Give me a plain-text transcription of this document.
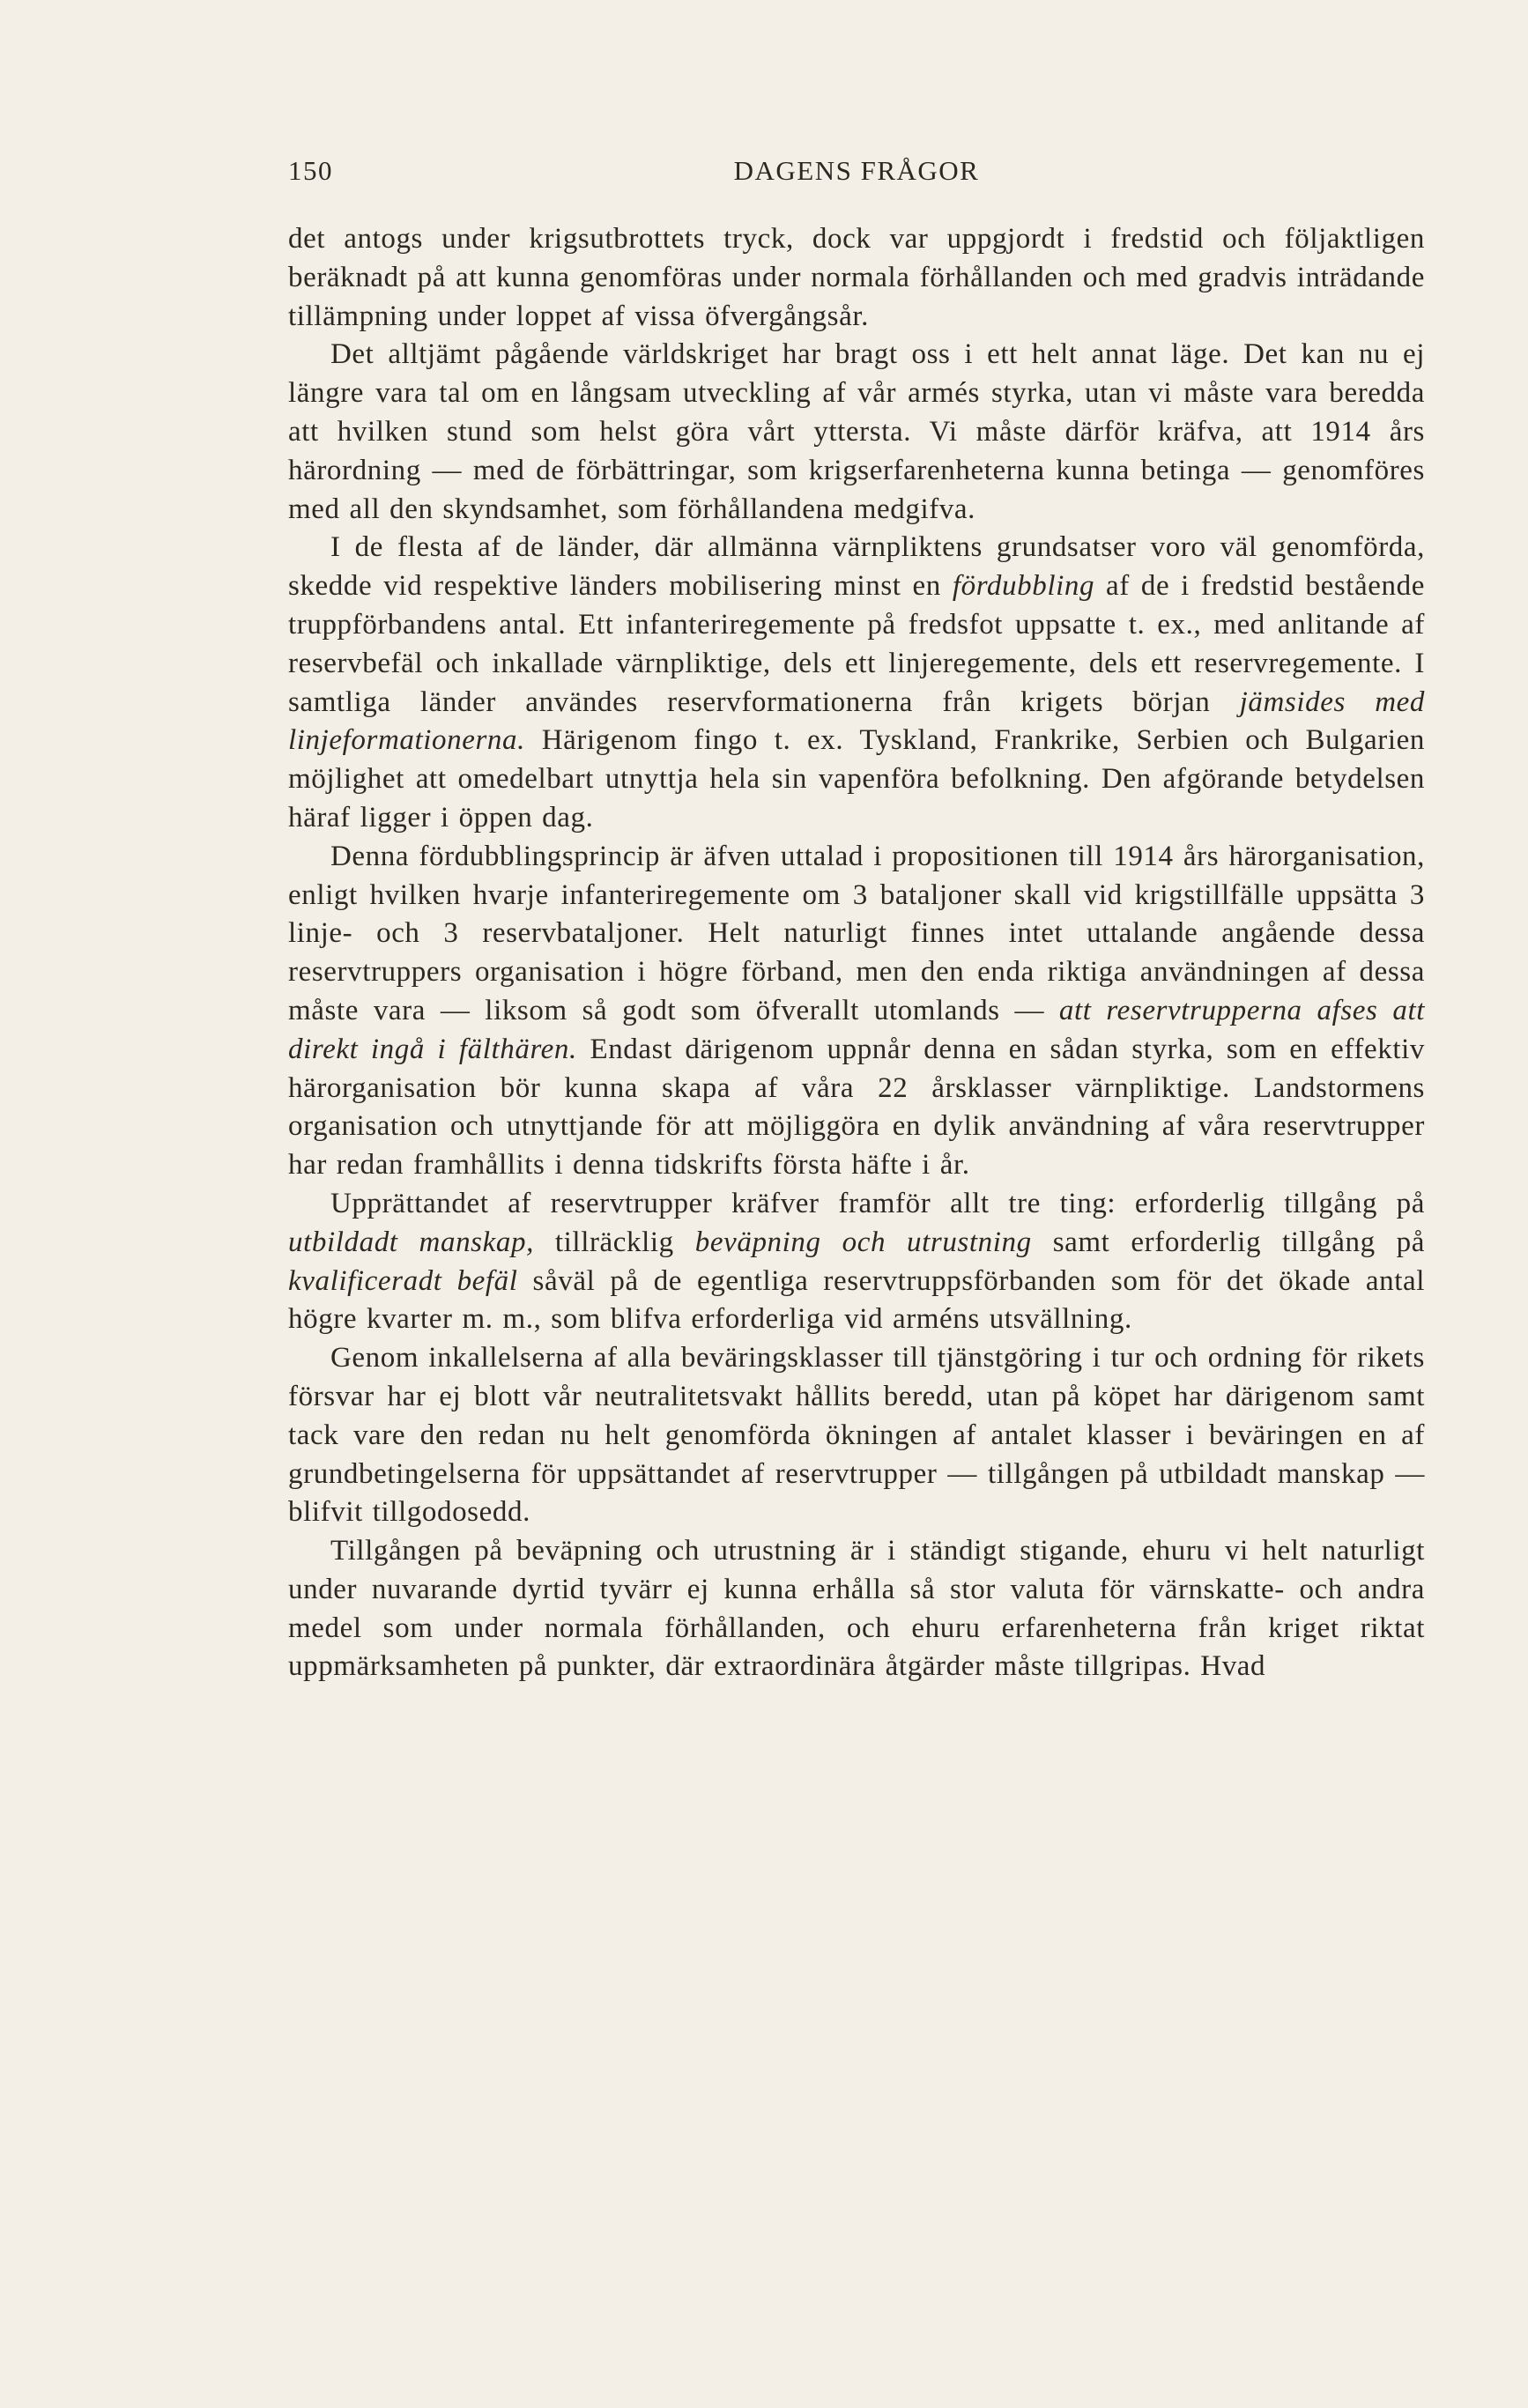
150	DAGENS FRÅGOR

det antogs under krigsutbrottets tryck, dock var uppgjordt i fredstid och följaktligen beräknadt på att kunna genomföras under normala förhållanden och med gradvis inträdande tillämpning under loppet af vissa öfvergångsår.

Det alltjämt pågående världskriget har bragt oss i ett helt annat läge. Det kan nu ej längre vara tal om en långsam utveckling af vår armés styrka, utan vi måste vara beredda att hvilken stund som helst göra vårt yttersta. Vi måste därför kräfva, att 1914 års härordning — med de förbättringar, som krigserfarenheterna kunna betinga — genomföres med all den skyndsamhet, som förhållandena medgifva.

I de flesta af de länder, där allmänna värnpliktens grundsatser voro väl genomförda, skedde vid respektive länders mobilisering minst en fördubbling af de i fredstid bestående truppförbandens antal. Ett infanteriregemente på fredsfot uppsatte t. ex., med anlitande af reservbefäl och inkallade värnpliktige, dels ett linjeregemente, dels ett reservregemente. I samtliga länder användes reservformationerna från krigets början jämsides med linjeformationerna. Härigenom fingo t. ex. Tyskland, Frankrike, Serbien och Bulgarien möjlighet att omedelbart utnyttja hela sin vapenföra befolkning. Den afgörande betydelsen häraf ligger i öppen dag.

Denna fördubblingsprincip är äfven uttalad i propositionen till 1914 års härorganisation, enligt hvilken hvarje infanteriregemente om 3 bataljoner skall vid krigstillfälle uppsätta 3 linje- och 3 reservbataljoner. Helt naturligt finnes intet uttalande angående dessa reservtruppers organisation i högre förband, men den enda riktiga användningen af dessa måste vara — liksom så godt som öfverallt utomlands — att reservtrupperna afses att direkt ingå i fälthären. Endast därigenom uppnår denna en sådan styrka, som en effektiv härorganisation bör kunna skapa af våra 22 årsklasser värnpliktige. Landstormens organisation och utnyttjande för att möjliggöra en dylik användning af våra reservtrupper har redan framhållits i denna tidskrifts första häfte i år.

Upprättandet af reservtrupper kräfver framför allt tre ting: erforderlig tillgång på utbildadt manskap, tillräcklig beväpning och utrustning samt erforderlig tillgång på kvalificeradt befäl såväl på de egentliga reservtruppsförbanden som för det ökade antal högre kvarter m. m., som blifva erforderliga vid arméns utsvällning.

Genom inkallelserna af alla beväringsklasser till tjänstgöring i tur och ordning för rikets försvar har ej blott vår neutralitetsvakt hållits beredd, utan på köpet har därigenom samt tack vare den redan nu helt genomförda ökningen af antalet klasser i beväringen en af grundbetingelserna för uppsättandet af reservtrupper — tillgången på utbildadt manskap — blifvit tillgodosedd.

Tillgången på beväpning och utrustning är i ständigt stigande, ehuru vi helt naturligt under nuvarande dyrtid tyvärr ej kunna erhålla så stor valuta för värnskatte- och andra medel som under normala förhållanden, och ehuru erfarenheterna från kriget riktat uppmärksamheten på punkter, där extraordinära åtgärder måste tillgripas. Hvad
